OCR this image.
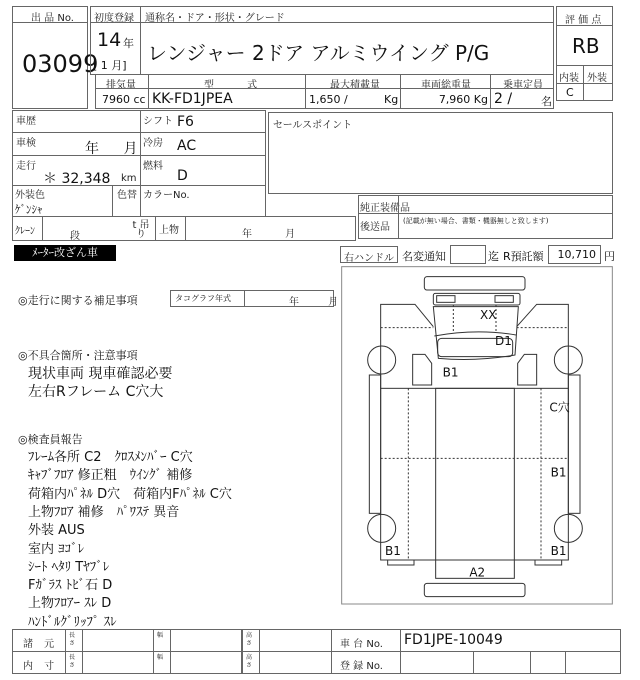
出 品 No.
03099
初度登録
14 年
[ 1 月]
通称名・ドア・形状・グレード
レンジャー 2ドア アルミウイング P/G
排気量
7960 cc
型 式
KK-FD1JPEA
最大積載量
1,650 /	Kg
車両総重量
7,960 Kg
乗車定員
2 /	名
評 価 点
RB
内装 外装
C
車歴	シフト F6
車検	年 月 冷房 AC
走行
＊ 32,348 km
燃料
D
外装色
ｹﾞﾝｼｬ
色替 カラーNo.
セールスポイント
ｸﾚｰﾝ	段
t 吊り	上物	年 月
純正装備品
後送品
(記載が無い場合、書類・機器無しと致します)
ﾒｰﾀｰ改ざん車	右ハンドル 名変通知	迄 R預託額 10,710 円
◎走行に関する補足事項	タコグラフ年式	年 月
◎不具合箇所・注意事項
現状車両 現車確認必要
左右Rフレーム C穴大
◎検査員報告
ﾌﾚｰﾑ各所 C2　ｸﾛｽﾒﾝﾊﾞｰ C穴
ｷｬﾌﾞﾌﾛｱ 修正粗　ｳｲﾝｸﾞ 補修
荷箱内ﾊﾟﾈﾙ D穴　荷箱内Fﾊﾟﾈﾙ C穴
上物ﾌﾛｱ 補修　ﾊﾟﾜｽﾃ 異音
外装 AUS
室内 ﾖｺﾞﾚ
ｼｰﾄ ﾍﾀﾘ Tﾔﾌﾞﾚ
Fｶﾞﾗｽ ﾄﾋﾞ石 D
上物ﾌﾛｱｰ ｽﾚ D
ﾊﾝﾄﾞﾙｸﾞﾘｯﾌﾟ ｽﾚ
XX
D1
B1
C穴
B1
B1	B1
A2
長さ
幅	高さ
長さ
幅	高さ
諸 元
内 寸
車 台 No. FD1JPE-10049
登 録 No.
